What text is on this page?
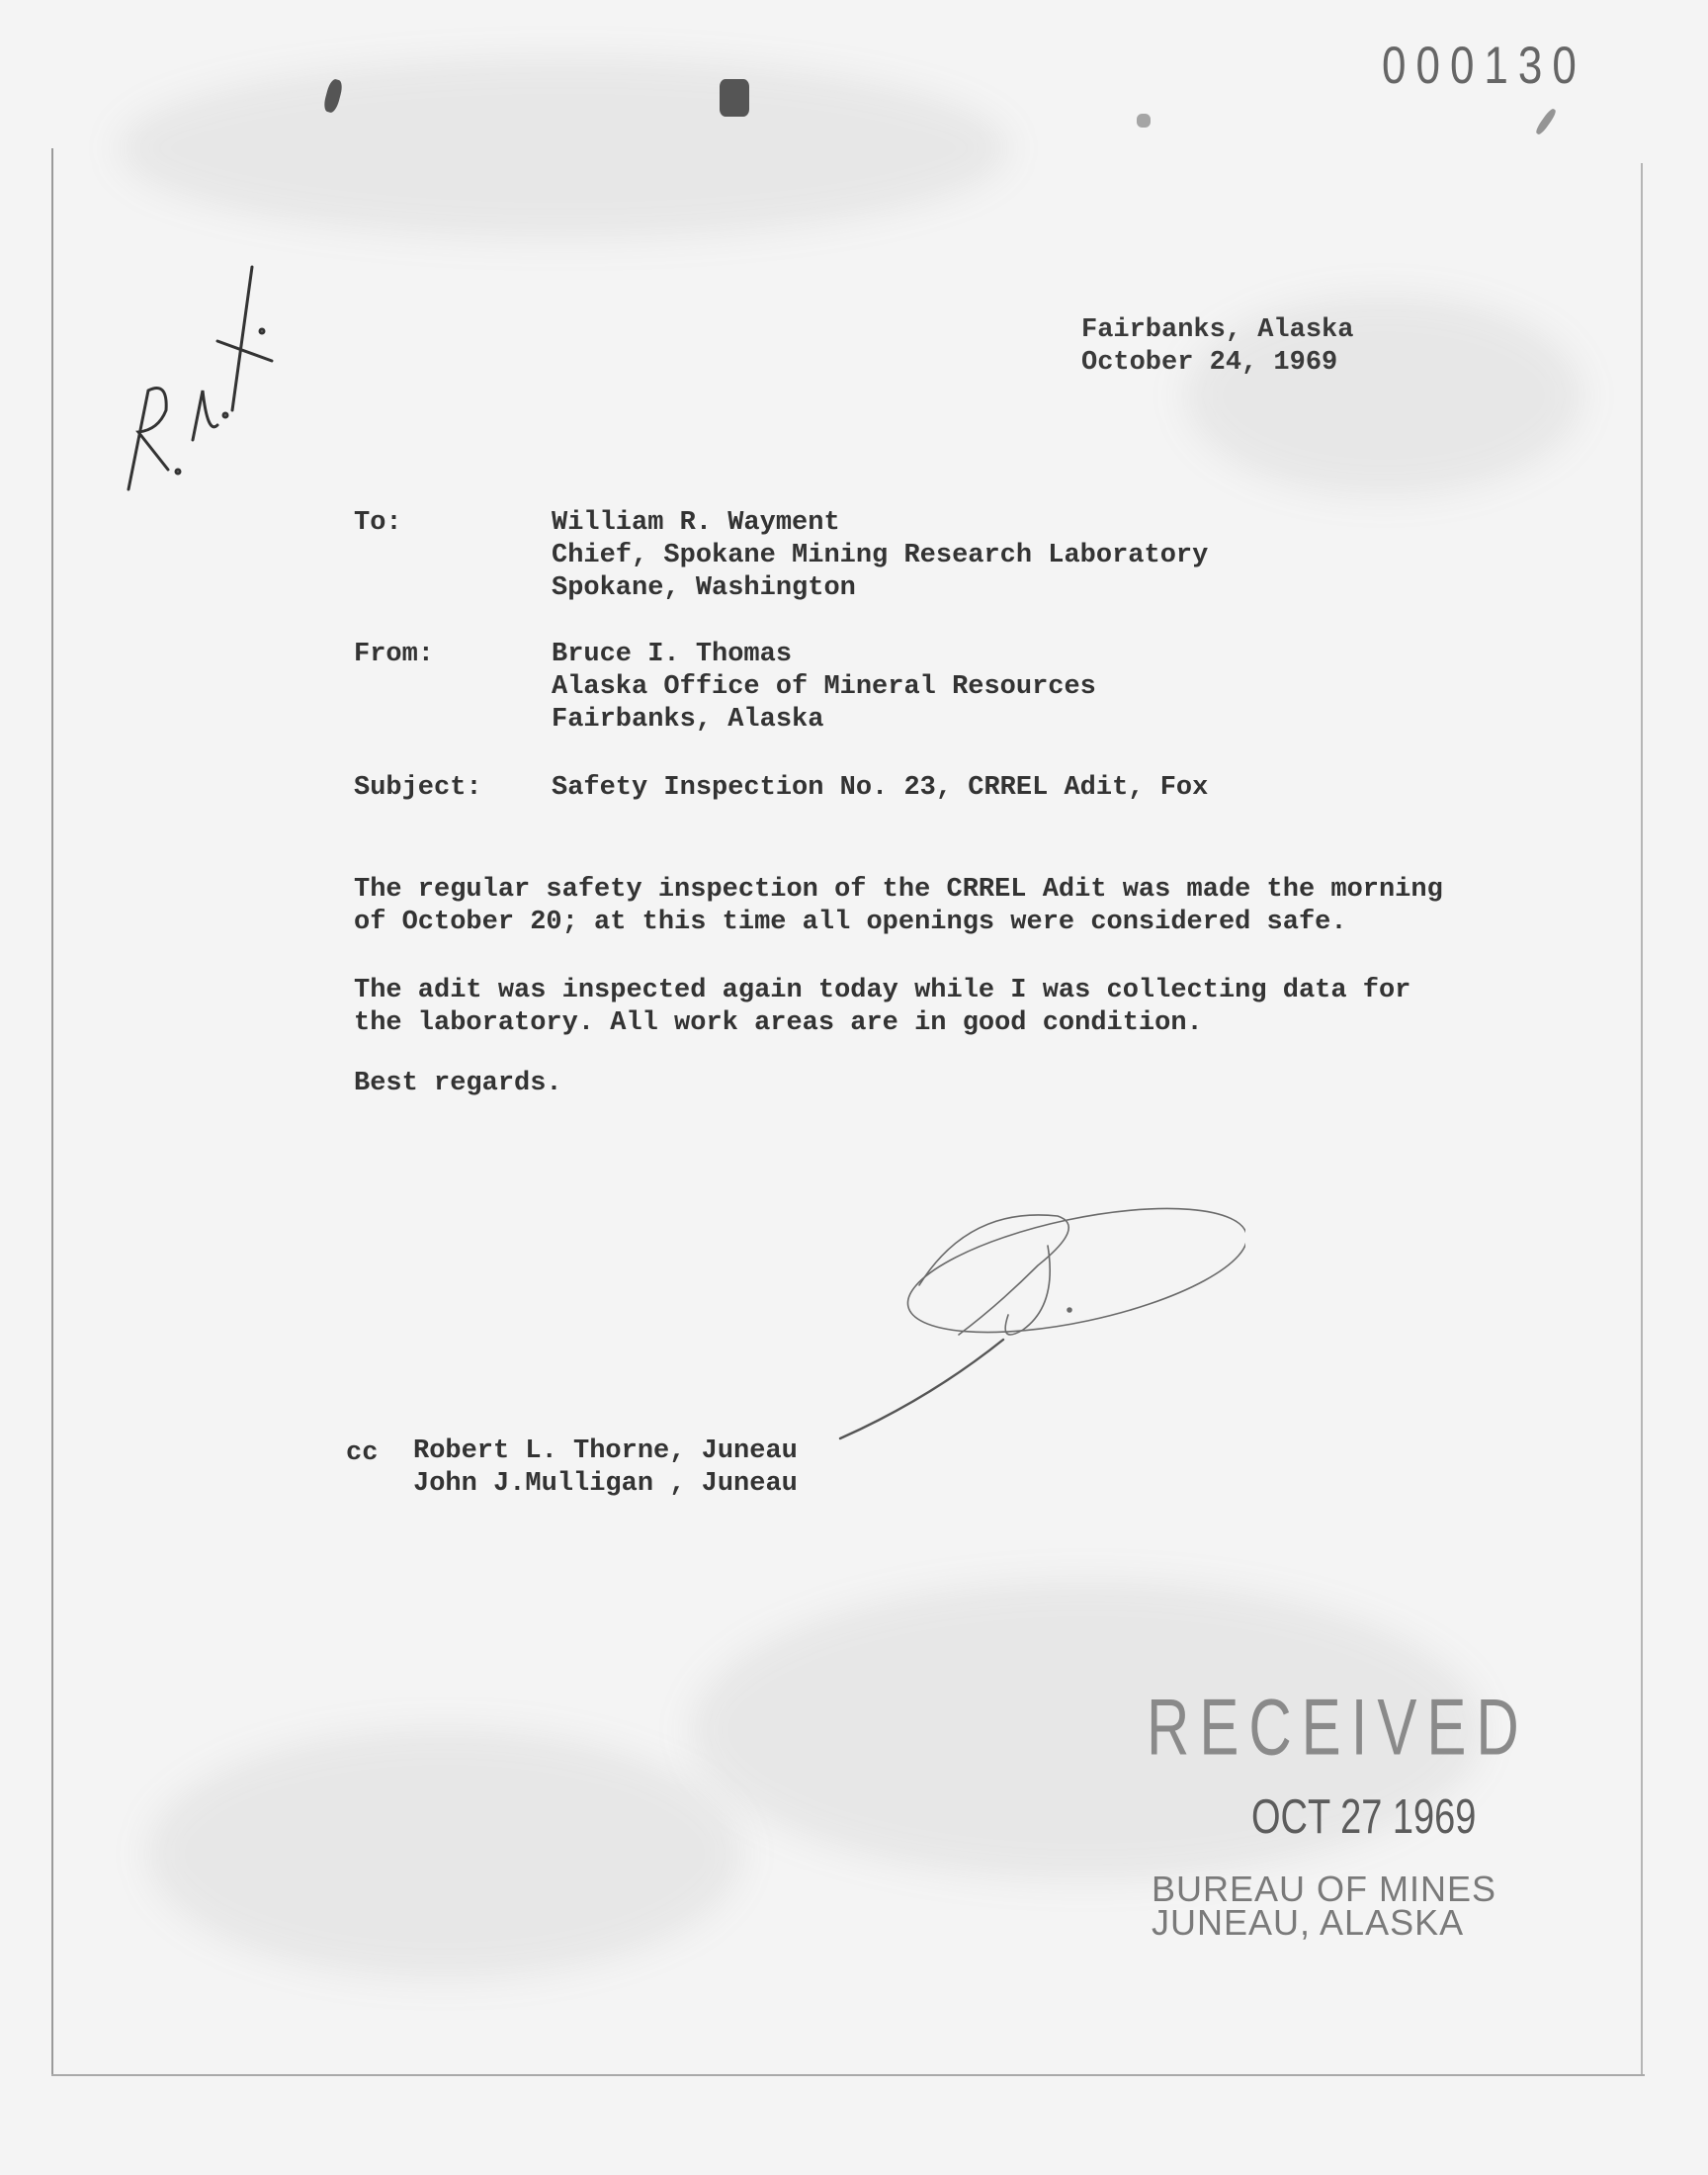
000130
Fairbanks, Alaska
October 24, 1969
To:	William R. Wayment
Chief, Spokane Mining Research Laboratory
Spokane, Washington
From:	Bruce I. Thomas
Alaska Office of Mineral Resources
Fairbanks, Alaska
Subject:	Safety Inspection No. 23, CRREL Adit, Fox
The regular safety inspection of the CRREL Adit was made the morning
of October 20; at this time all openings were considered safe.
The adit was inspected again today while I was collecting data for
the laboratory. All work areas are in good condition.
Best regards.
cc	Robert L. Thorne, Juneau
John J.Mulligan , Juneau
RECEIVED
OCT 27 1969
BUREAU OF MINES
JUNEAU, ALASKA
